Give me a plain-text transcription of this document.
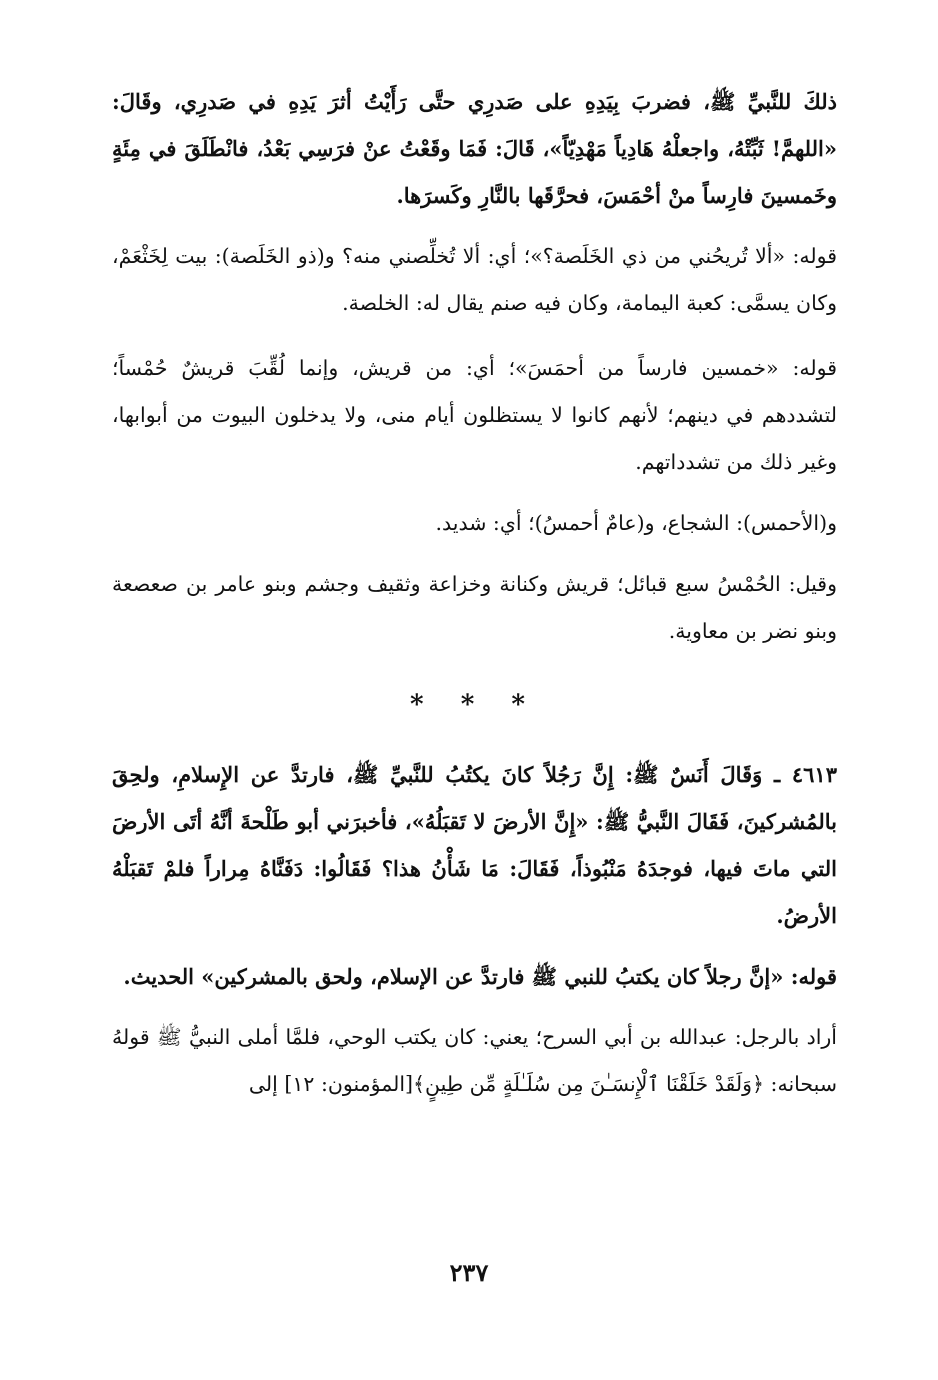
ذلكَ للنَّبيِّ ﷺ، فضربَ بِيَدِهِ على صَدرِي حتَّى رَأَيْتُ أثرَ يَدِهِ في صَدرِي، وقَالَ: «اللهمَّ! ثَبِّتْهُ، واجعلْهُ هَادِياً مَهْدِيّاً»، قَالَ: فَمَا وقَعْتُ عنْ فرَسِي بَعْدُ، فانْطَلَقَ في مِئَةٍ وخَمسينَ فارِساً منْ أحْمَسَ، فحرَّقَها بالنَّارِ وكَسرَها.

قوله: «ألا تُريحُني من ذي الخَلَصة؟»؛ أي: ألا تُخلِّصني منه؟ و(ذو الخَلَصة): بيت لِخَثْعَمْ، وكان يسمَّى: كعبة اليمامة، وكان فيه صنم يقال له: الخلصة.

قوله: «خمسين فارساً من أحمَسَ»؛ أي: من قريش، وإنما لُقِّبَ قريشٌ حُمْساً؛ لتشددهم في دينهم؛ لأنهم كانوا لا يستظلون أيام منى، ولا يدخلون البيوت من أبوابها، وغير ذلك من تشدداتهم.

و(الأحمس): الشجاع، و(عامٌ أحمسُ)؛ أي: شديد.

وقيل: الحُمْسُ سبع قبائل؛ قريش وكنانة وخزاعة وثقيف وجشم وبنو عامر بن صعصعة وبنو نضر بن معاوية.

* * *

٤٦١٣ ـ وَقَالَ أَنَسٌ ﷺ: إِنَّ رَجُلاً كانَ يكتُبُ للنَّبيِّ ﷺ، فارتدَّ عن الإِسلامِ، ولحِقَ بالمُشركينَ، فَقَالَ النَّبيُّ ﷺ: «إِنَّ الأرضَ لا تَقبَلُهُ»، فأخبرَني أبو طَلْحةَ أنَّهُ أتَى الأرضَ التي ماتَ فيها، فوجدَهُ مَنْبُوذاً، فَقَالَ: مَا شَأْنُ هذا؟ فَقَالُوا: دَفَنَّاهُ مِراراً فلمْ تَقبَلْهُ الأرضُ.

قوله: «إنَّ رجلاً كان يكتبُ للنبي ﷺ فارتدَّ عن الإسلام، ولحق بالمشركين» الحديث.

أراد بالرجل: عبدالله بن أبي السرح؛ يعني: كان يكتب الوحي، فلمَّا أملى النبيُّ ﷺ قولهُ سبحانه: ﴿وَلَقَدْ خَلَقْنَا ٱلْإِنسَـٰنَ مِن سُلَـٰلَةٍ مِّن طِينٍ﴾[المؤمنون: ١٢] إلى

٢٣٧
